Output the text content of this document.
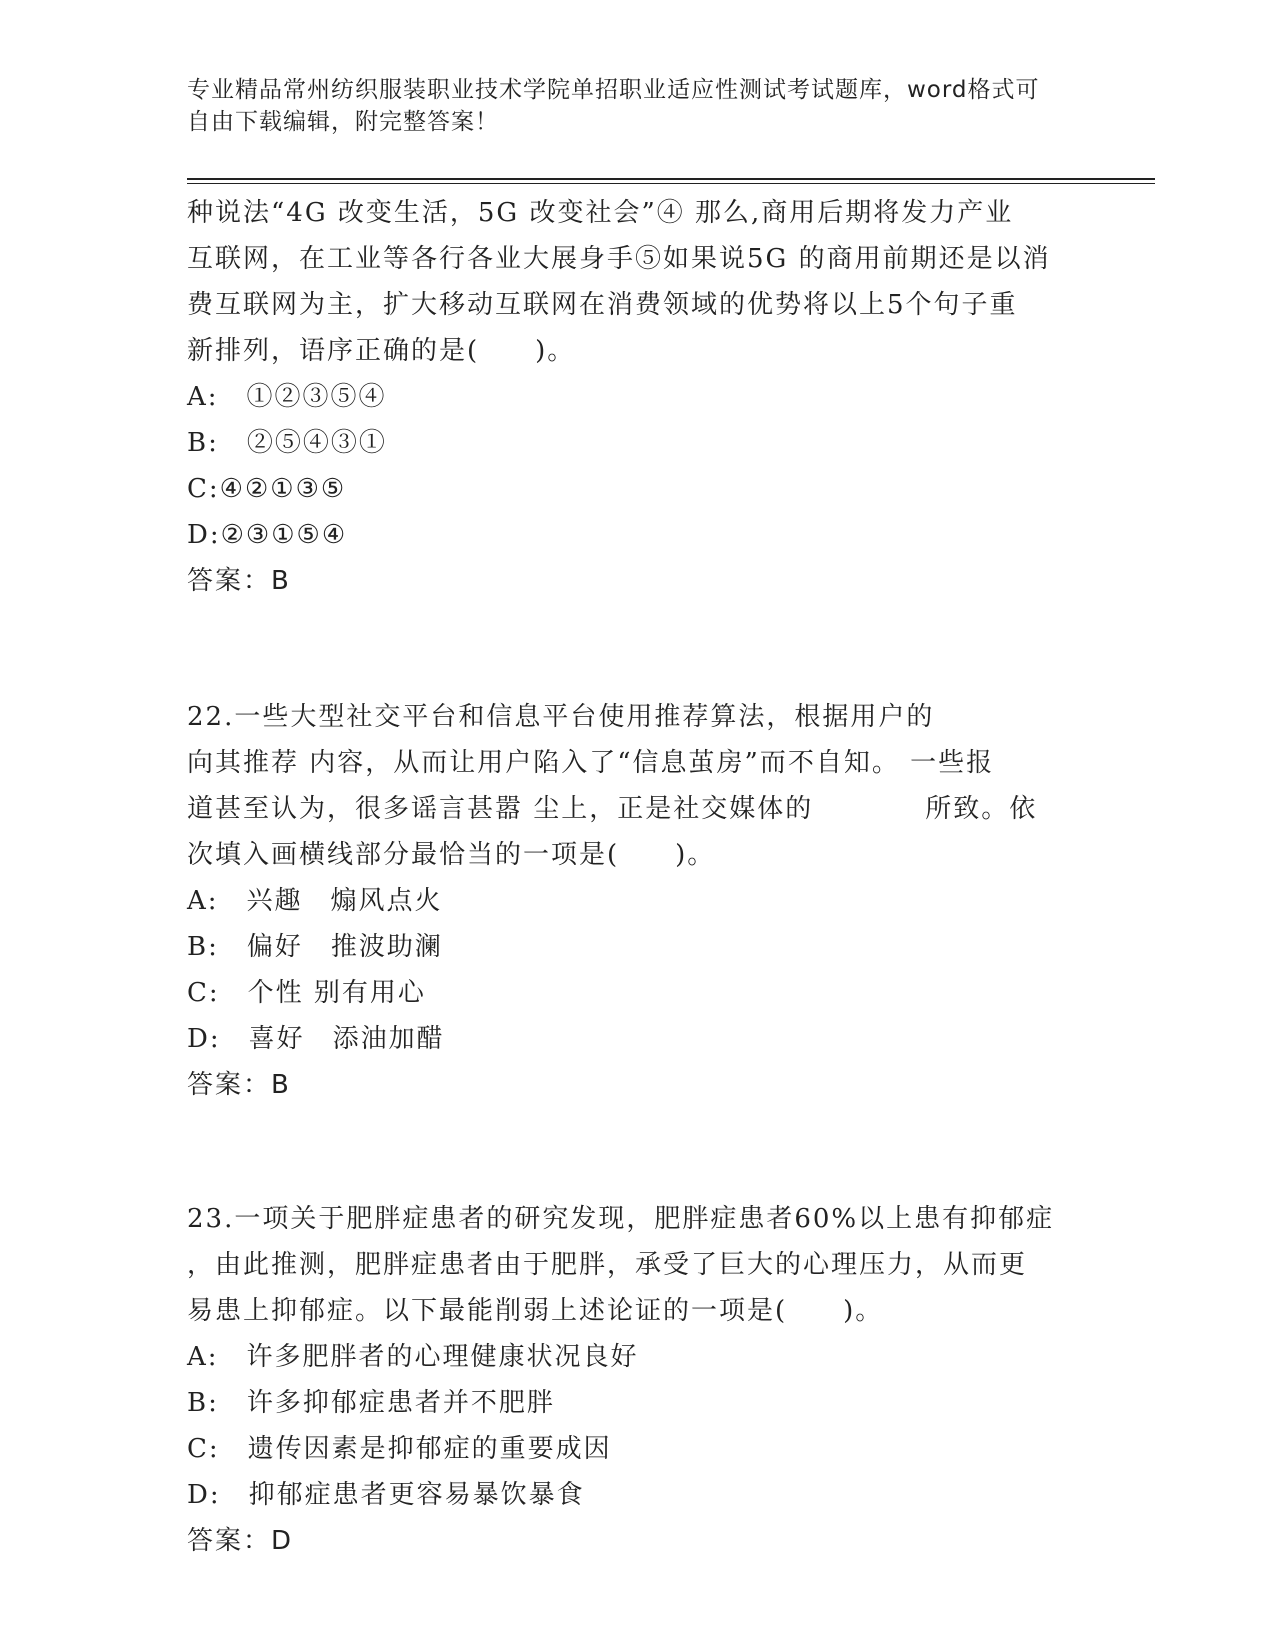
专业精品常州纺织服装职业技术学院单招职业适应性测试考试题库，word格式可
自由下载编辑，附完整答案！
种说法“4G 改变生活，5G 改变社会”④ 那么,商用后期将发力产业
互联网，在工业等各行各业大展身手⑤如果说5G 的商用前期还是以消
费互联网为主，扩大移动互联网在消费领域的优势将以上5个句子重
新排列，语序正确的是(　　)。
A:　①②③⑤④
B:　②⑤④③①
C:④②①③⑤
D:②③①⑤④
答案：B
22.一些大型社交平台和信息平台使用推荐算法，根据用户的
向其推荐 内容，从而让用户陷入了“信息茧房”而不自知。 一些报
道甚至认为，很多谣言甚嚣 尘上，正是社交媒体的　　　　所致。依
次填入画横线部分最恰当的一项是(　　)。
A:　兴趣　煽风点火
B:　偏好　推波助澜
C:　个性 别有用心
D:　喜好　添油加醋
答案：B
23.一项关于肥胖症患者的研究发现，肥胖症患者60%以上患有抑郁症
，由此推测，肥胖症患者由于肥胖，承受了巨大的心理压力，从而更
易患上抑郁症。以下最能削弱上述论证的一项是(　　)。
A:　许多肥胖者的心理健康状况良好
B:　许多抑郁症患者并不肥胖
C:　遗传因素是抑郁症的重要成因
D:　抑郁症患者更容易暴饮暴食
答案：D
